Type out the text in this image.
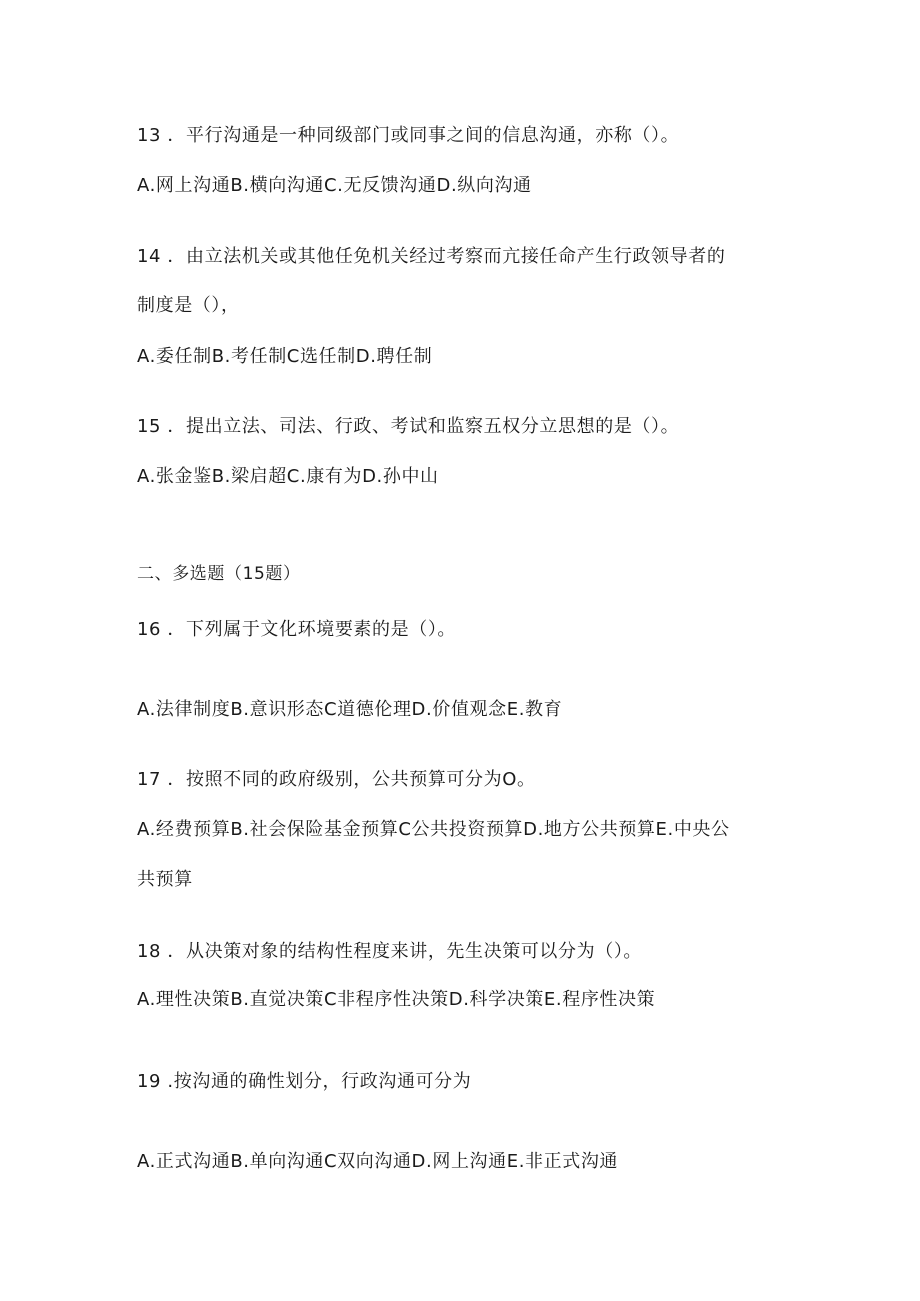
13 ．平行沟通是一种同级部门或同事之间的信息沟通，亦称（）。
A.网上沟通B.横向沟通C.无反馈沟通D.纵向沟通
14 ．由立法机关或其他任免机关经过考察而亢接任命产生行政领导者的
制度是（），
A.委任制B.考任制C选任制D.聘任制
15 ．提出立法、司法、行政、考试和监察五权分立思想的是（）。
A.张金鉴B.梁启超C.康有为D.孙中山
二、多选题（15题）
16 ．下列属于文化环境要素的是（）。
A.法律制度B.意识形态C道德伦理D.价值观念E.教育
17 ．按照不同的政府级别，公共预算可分为O。
A.经费预算B.社会保险基金预算C公共投资预算D.地方公共预算E.中央公
共预算
18 ．从决策对象的结构性程度来讲，先生决策可以分为（）。
A.理性决策B.直觉决策C非程序性决策D.科学决策E.程序性决策
19 .按沟通的确性划分，行政沟通可分为
A.正式沟通B.单向沟通C双向沟通D.网上沟通E.非正式沟通
